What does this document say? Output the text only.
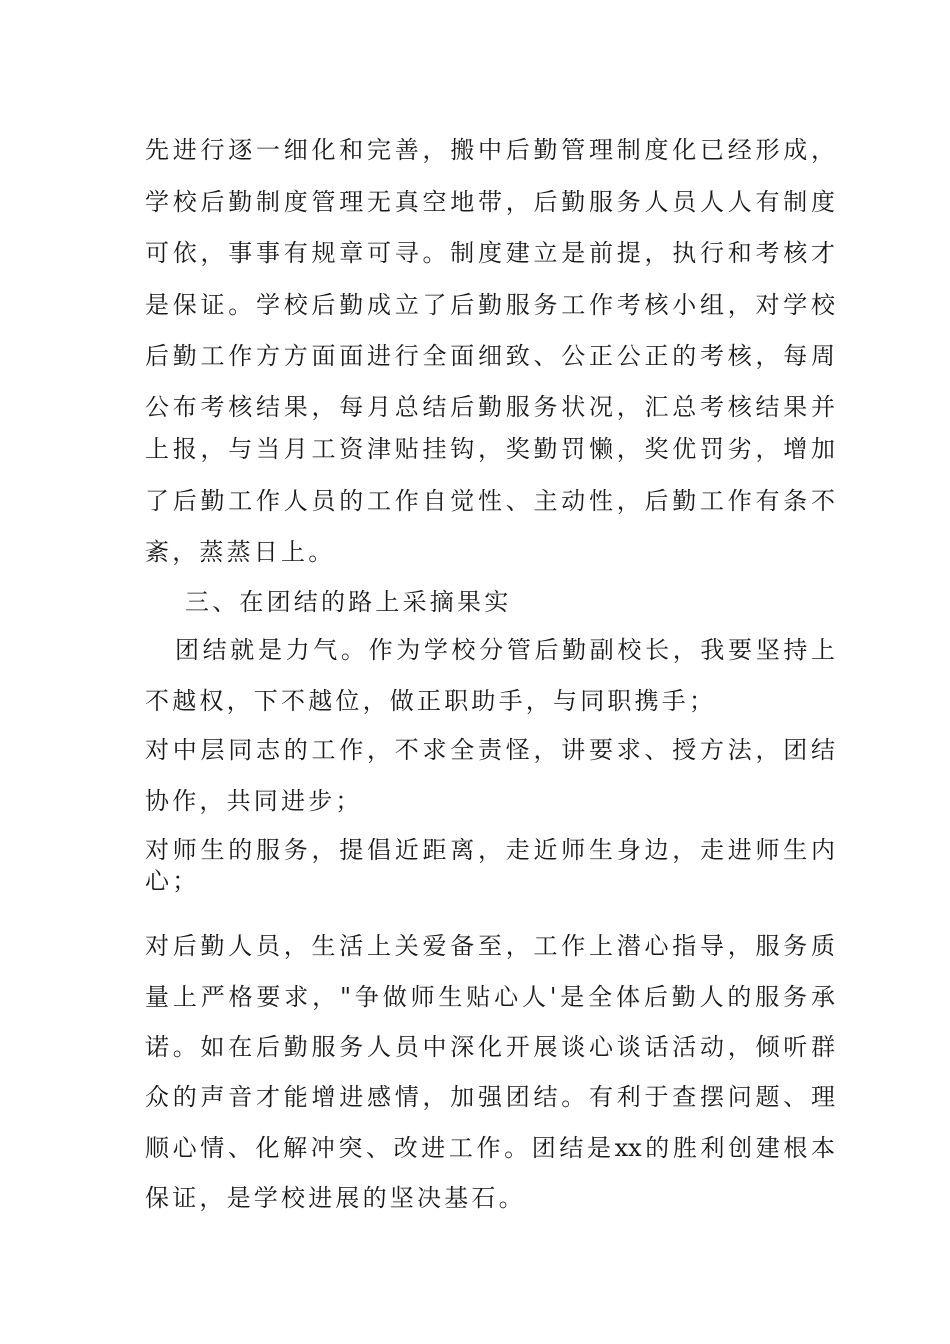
先进行逐一细化和完善，搬中后勤管理制度化已经形成，
学校后勤制度管理无真空地带，后勤服务人员人人有制度
可依，事事有规章可寻。制度建立是前提，执行和考核才
是保证。学校后勤成立了后勤服务工作考核小组，对学校
后勤工作方方面面进行全面细致、公正公正的考核，每周
公布考核结果，每月总结后勤服务状况，汇总考核结果并
上报，与当月工资津贴挂钩，奖勤罚懒，奖优罚劣，增加
了后勤工作人员的工作自觉性、主动性，后勤工作有条不
紊，蒸蒸日上。
三、在团结的路上采摘果实
团结就是力气。作为学校分管后勤副校长，我要坚持上
不越权，下不越位，做正职助手，与同职携手；
对中层同志的工作，不求全责怪，讲要求、授方法，团结
协作，共同进步；
对师生的服务，提倡近距离，走近师生身边，走进师生内
心；
对后勤人员，生活上关爱备至，工作上潜心指导，服务质
量上严格要求，"争做师生贴心人'是全体后勤人的服务承
诺。如在后勤服务人员中深化开展谈心谈话活动，倾听群
众的声音才能增进感情，加强团结。有利于查摆问题、理
顺心情、化解冲突、改进工作。团结是xx的胜利创建根本
保证，是学校进展的坚决基石。
